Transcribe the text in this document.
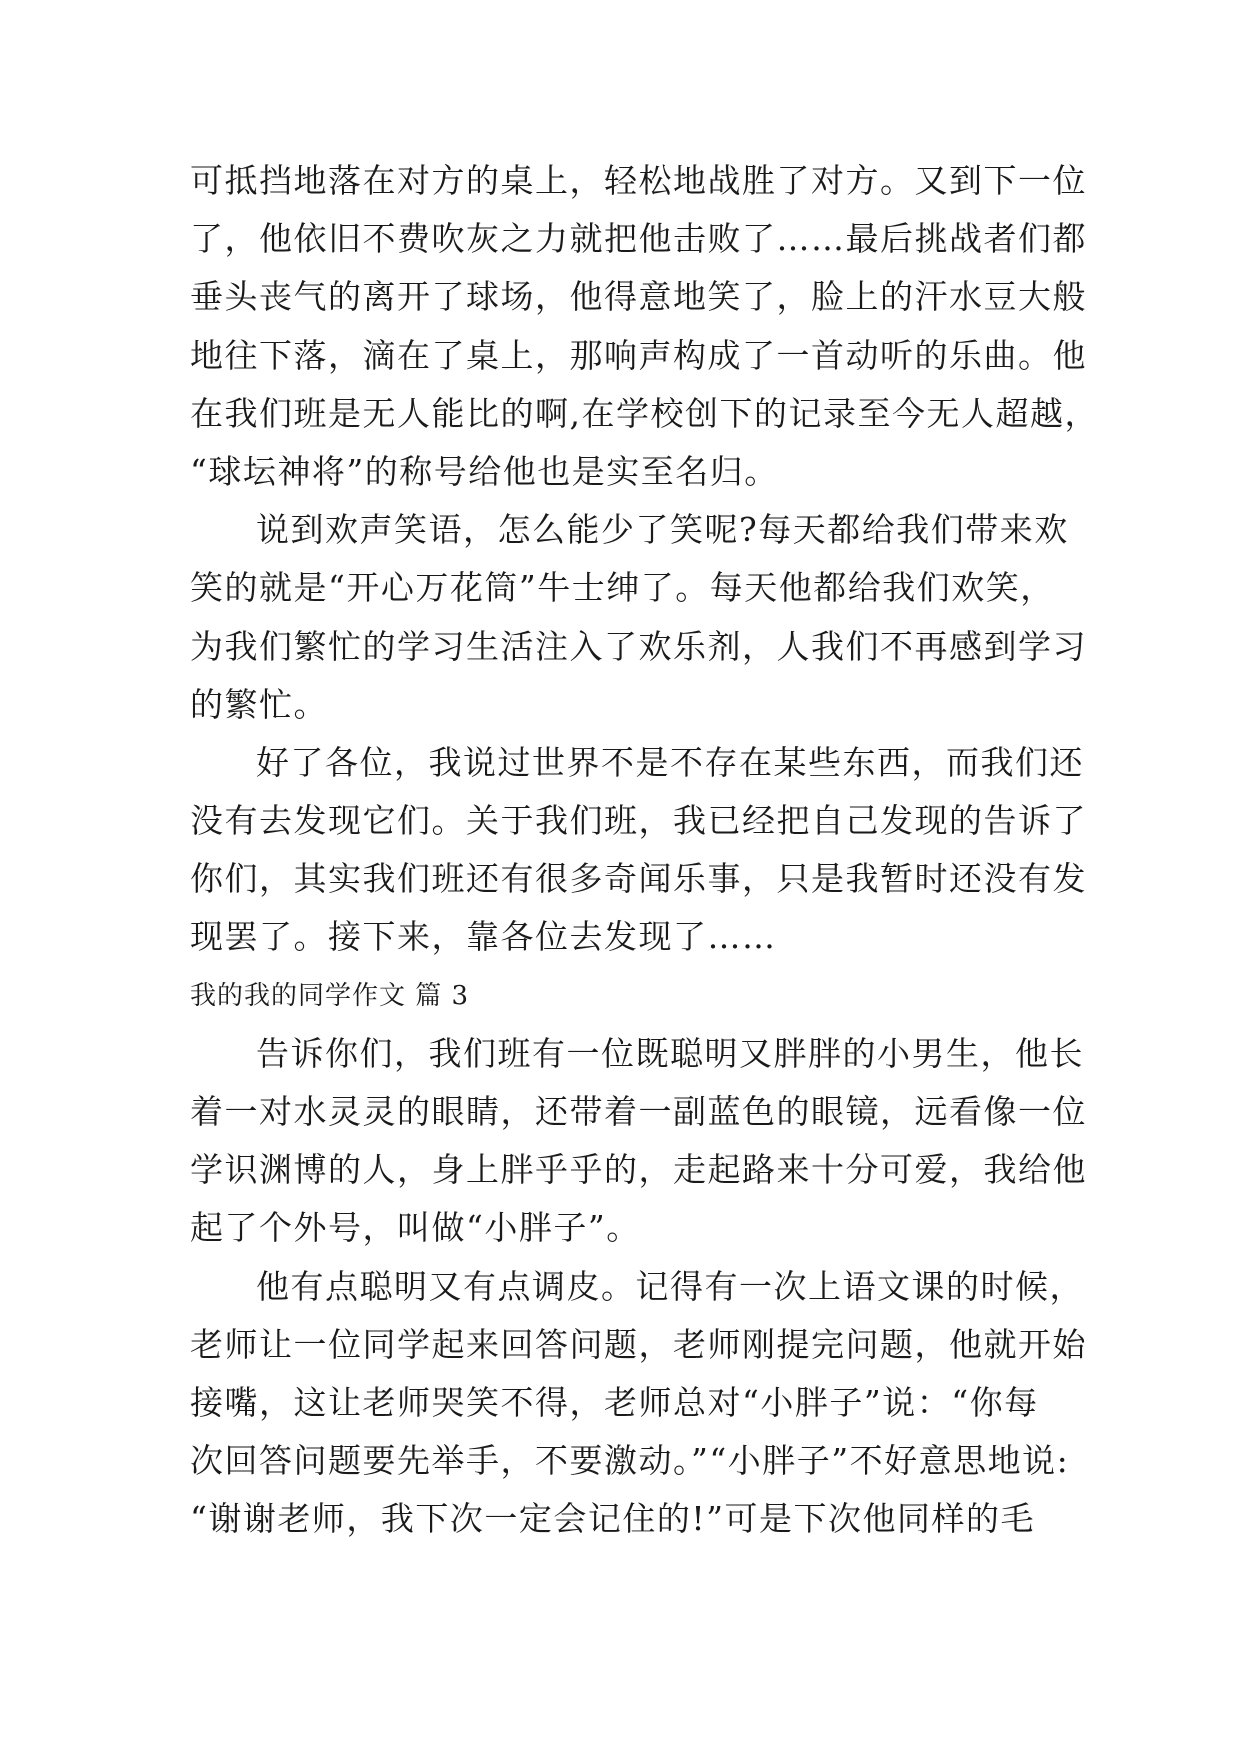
可抵挡地落在对方的桌上，轻松地战胜了对方。又到下一位
了，他依旧不费吹灰之力就把他击败了……最后挑战者们都
垂头丧气的离开了球场，他得意地笑了，脸上的汗水豆大般
地往下落，滴在了桌上，那响声构成了一首动听的乐曲。他
在我们班是无人能比的啊,在学校创下的记录至今无人超越，
“球坛神将”的称号给他也是实至名归。
说到欢声笑语，怎么能少了笑呢?每天都给我们带来欢
笑的就是“开心万花筒”牛士绅了。每天他都给我们欢笑，
为我们繁忙的学习生活注入了欢乐剂，人我们不再感到学习
的繁忙。
好了各位，我说过世界不是不存在某些东西，而我们还
没有去发现它们。关于我们班，我已经把自己发现的告诉了
你们，其实我们班还有很多奇闻乐事，只是我暂时还没有发
现罢了。接下来，靠各位去发现了……
我的我的同学作文 篇 3
告诉你们，我们班有一位既聪明又胖胖的小男生，他长
着一对水灵灵的眼睛，还带着一副蓝色的眼镜，远看像一位
学识渊博的人，身上胖乎乎的，走起路来十分可爱，我给他
起了个外号，叫做“小胖子”。
他有点聪明又有点调皮。记得有一次上语文课的时候，
老师让一位同学起来回答问题，老师刚提完问题，他就开始
接嘴，这让老师哭笑不得，老师总对“小胖子”说：“你每
次回答问题要先举手，不要激动。”“小胖子”不好意思地说:
“谢谢老师，我下次一定会记住的!”可是下次他同样的毛
